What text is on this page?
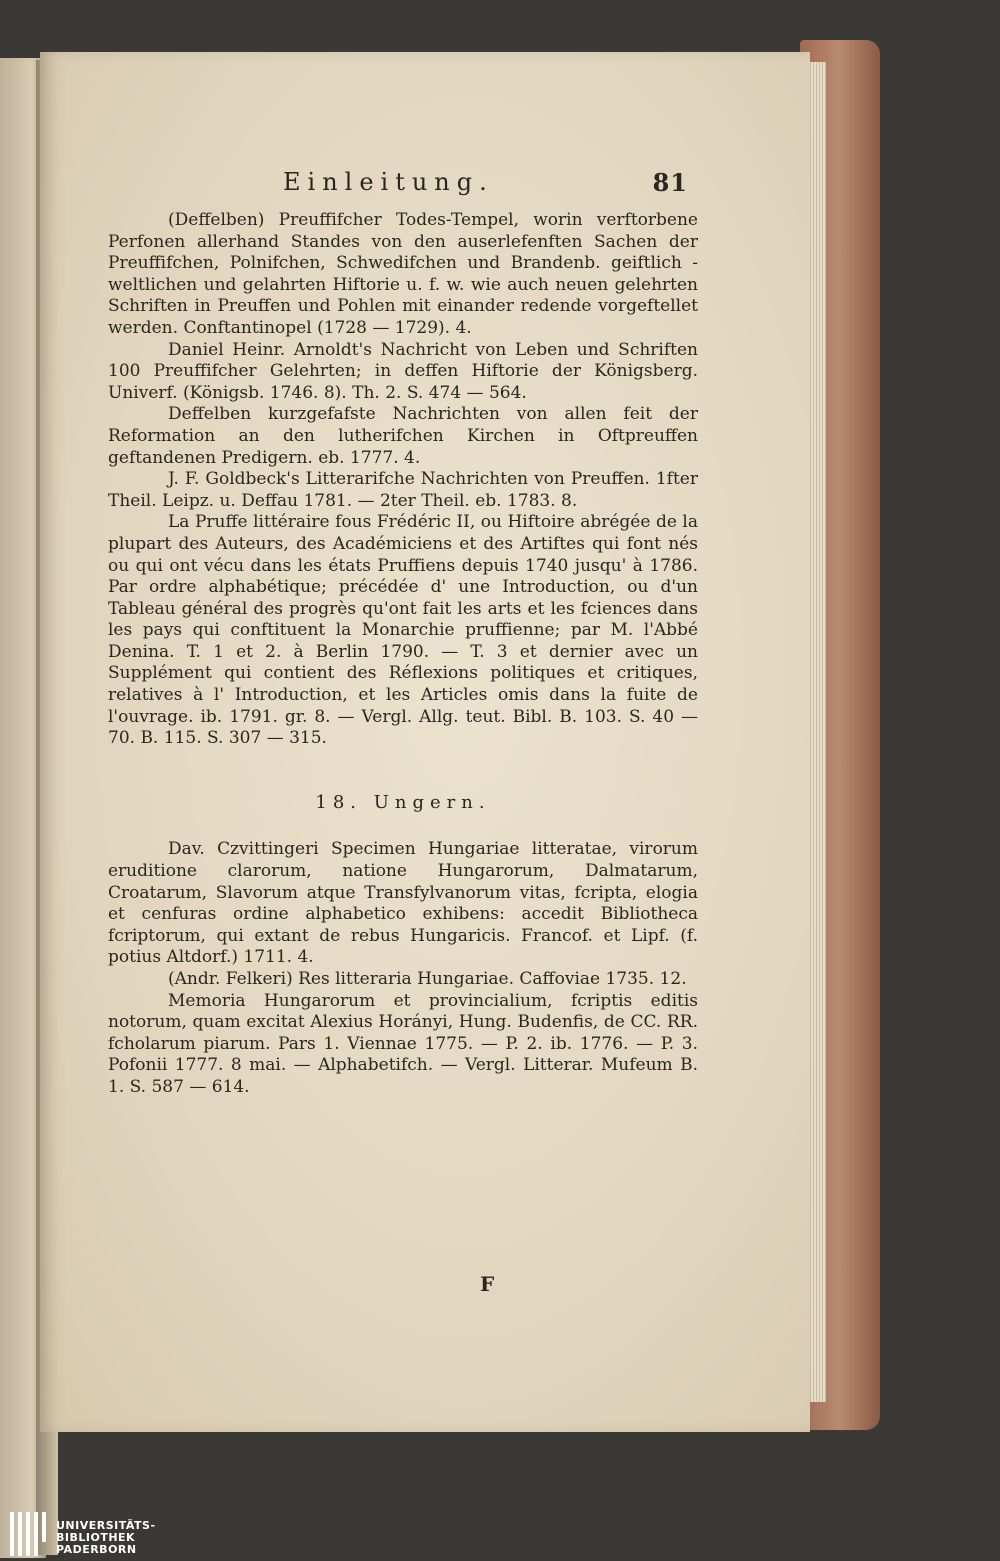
Einleitung.	81

(Deffelben) Preuffifcher Todes-Tempel, worin verftorbene Perfonen allerhand Standes von den auserlefenften Sachen der Preuffifchen, Polnifchen, Schwedifchen und Brandenb. geiftlich - weltlichen und gelahrten Hiftorie u. f. w. wie auch neuen gelehrten Schriften in Preuffen und Pohlen mit einander redende vorgeftellet werden. Conftantinopel (1728 — 1729). 4.

Daniel Heinr. Arnoldt's Nachricht von Leben und Schriften 100 Preuffifcher Gelehrten; in deffen Hiftorie der Königsberg. Univerf. (Königsb. 1746. 8). Th. 2. S. 474 — 564.

Deffelben kurzgefafste Nachrichten von allen feit der Reformation an den lutherifchen Kirchen in Oftpreuffen geftandenen Predigern. eb. 1777. 4.

J. F. Goldbeck's Litterarifche Nachrichten von Preuffen. 1fter Theil. Leipz. u. Deffau 1781. — 2ter Theil. eb. 1783. 8.

La Pruffe littéraire fous Frédéric II, ou Hiftoire abrégée de la plupart des Auteurs, des Académiciens et des Artiftes qui font nés ou qui ont vécu dans les états Pruffiens depuis 1740 jusqu' à 1786. Par ordre alphabétique; précédée d' une Introduction, ou d'un Tableau général des progrès qu'ont fait les arts et les fciences dans les pays qui conftituent la Monarchie pruffienne; par M. l'Abbé Denina. T. 1 et 2. à Berlin 1790. — T. 3 et dernier avec un Supplément qui contient des Réflexions politiques et critiques, relatives à l' Introduction, et les Articles omis dans la fuite de l'ouvrage. ib. 1791. gr. 8. — Vergl. Allg. teut. Bibl. B. 103. S. 40 — 70. B. 115. S. 307 — 315.

18. Ungern.

Dav. Czvittingeri Specimen Hungariae litteratae, virorum eruditione clarorum, natione Hungarorum, Dalmatarum, Croatarum, Slavorum atque Transfylvanorum vitas, fcripta, elogia et cenfuras ordine alphabetico exhibens: accedit Bibliotheca fcriptorum, qui extant de rebus Hungaricis. Francof. et Lipf. (f. potius Altdorf.) 1711. 4.

(Andr. Felkeri) Res litteraria Hungariae. Caffoviae 1735. 12.

Memoria Hungarorum et provincialium, fcriptis editis notorum, quam excitat Alexius Horányi, Hung. Budenfis, de CC. RR. fcholarum piarum. Pars 1. Viennae 1775. — P. 2. ib. 1776. — P. 3. Pofonii 1777. 8 mai. — Alphabetifch. — Vergl. Litterar. Mufeum B. 1. S. 587 — 614.

F
UNIVERSITÄTS-
BIBLIOTHEK
PADERBORN
